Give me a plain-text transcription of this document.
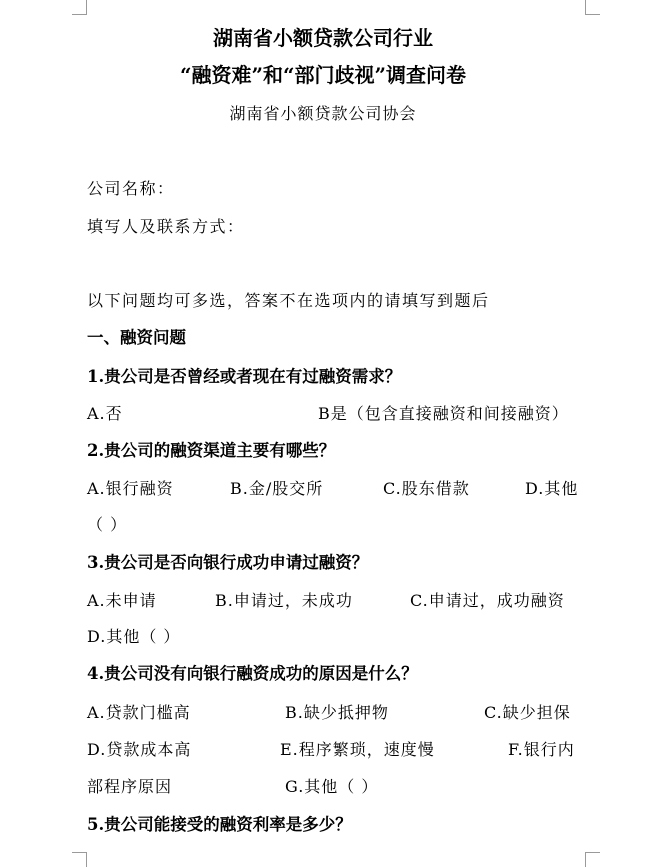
湖南省小额贷款公司行业
“融资难”和“部门歧视”调查问卷
湖南省小额贷款公司协会
公司名称：
填写人及联系方式：
以下问题均可多选，答案不在选项内的请填写到题后
一、融资问题
1.贵公司是否曾经或者现在有过融资需求？
A.否	B是（包含直接融资和间接融资）
2.贵公司的融资渠道主要有哪些？
A.银行融资	B.金/股交所	C.股东借款	D.其他
（ ）
3.贵公司是否向银行成功申请过融资？
A.未申请	B.申请过，未成功	C.申请过，成功融资
D.其他（ ）
4.贵公司没有向银行融资成功的原因是什么？
A.贷款门槛高	B.缺少抵押物	C.缺少担保
D.贷款成本高	E.程序繁琐，速度慢	F.银行内
部程序原因	G.其他（ ）
5.贵公司能接受的融资利率是多少？
